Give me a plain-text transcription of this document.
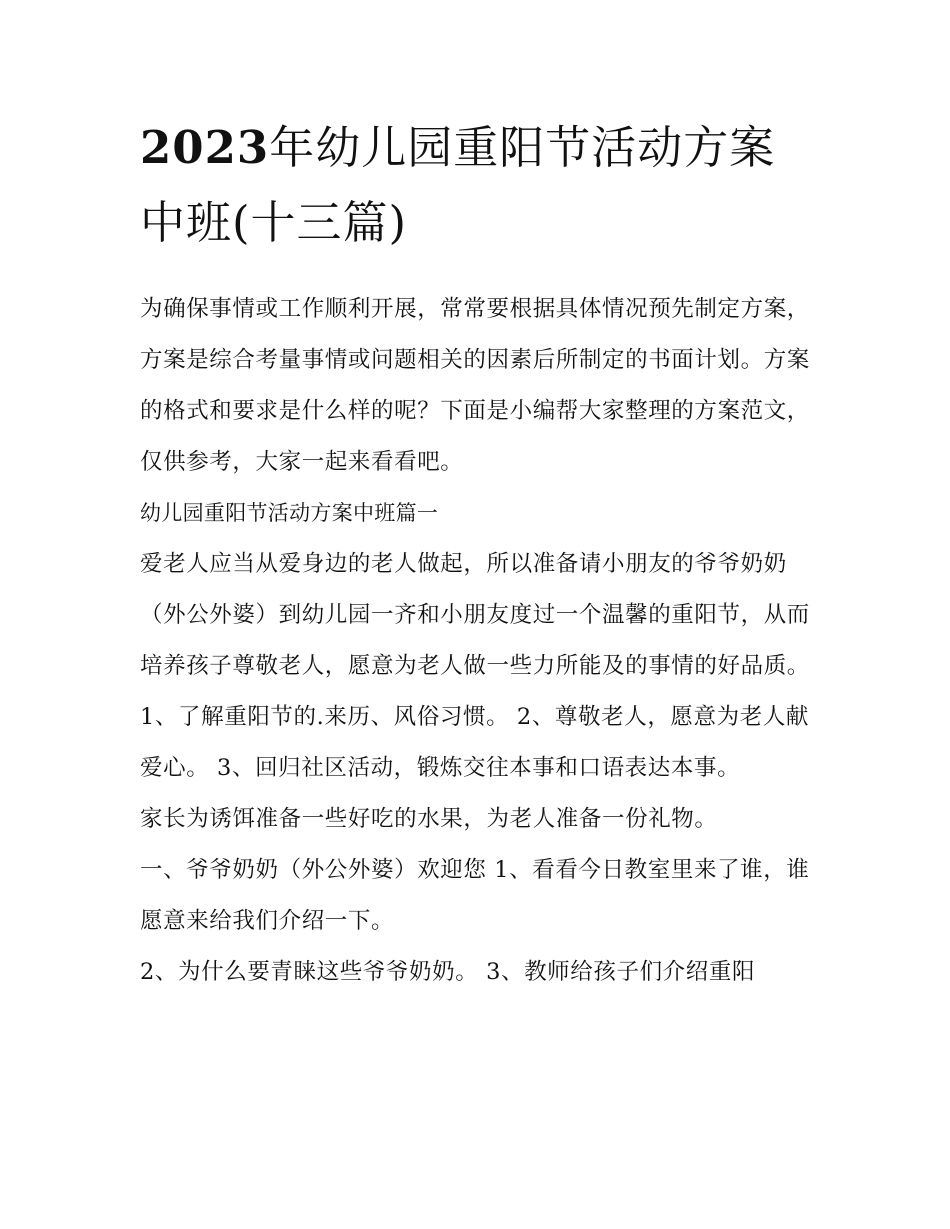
2023年幼儿园重阳节活动方案中班(十三篇)

为确保事情或工作顺利开展，常常要根据具体情况预先制定方案，方案是综合考量事情或问题相关的因素后所制定的书面计划。方案的格式和要求是什么样的呢？下面是小编帮大家整理的方案范文，仅供参考，大家一起来看看吧。

幼儿园重阳节活动方案中班篇一

爱老人应当从爱身边的老人做起，所以准备请小朋友的爷爷奶奶（外公外婆）到幼儿园一齐和小朋友度过一个温馨的重阳节，从而培养孩子尊敬老人，愿意为老人做一些力所能及的事情的好品质。

1、了解重阳节的.来历、风俗习惯。 2、尊敬老人，愿意为老人献爱心。 3、回归社区活动，锻炼交往本事和口语表达本事。

家长为诱饵准备一些好吃的水果，为老人准备一份礼物。

一、爷爷奶奶（外公外婆）欢迎您 1、看看今日教室里来了谁，谁愿意来给我们介绍一下。

2、为什么要青睐这些爷爷奶奶。 3、教师给孩子们介绍重阳
